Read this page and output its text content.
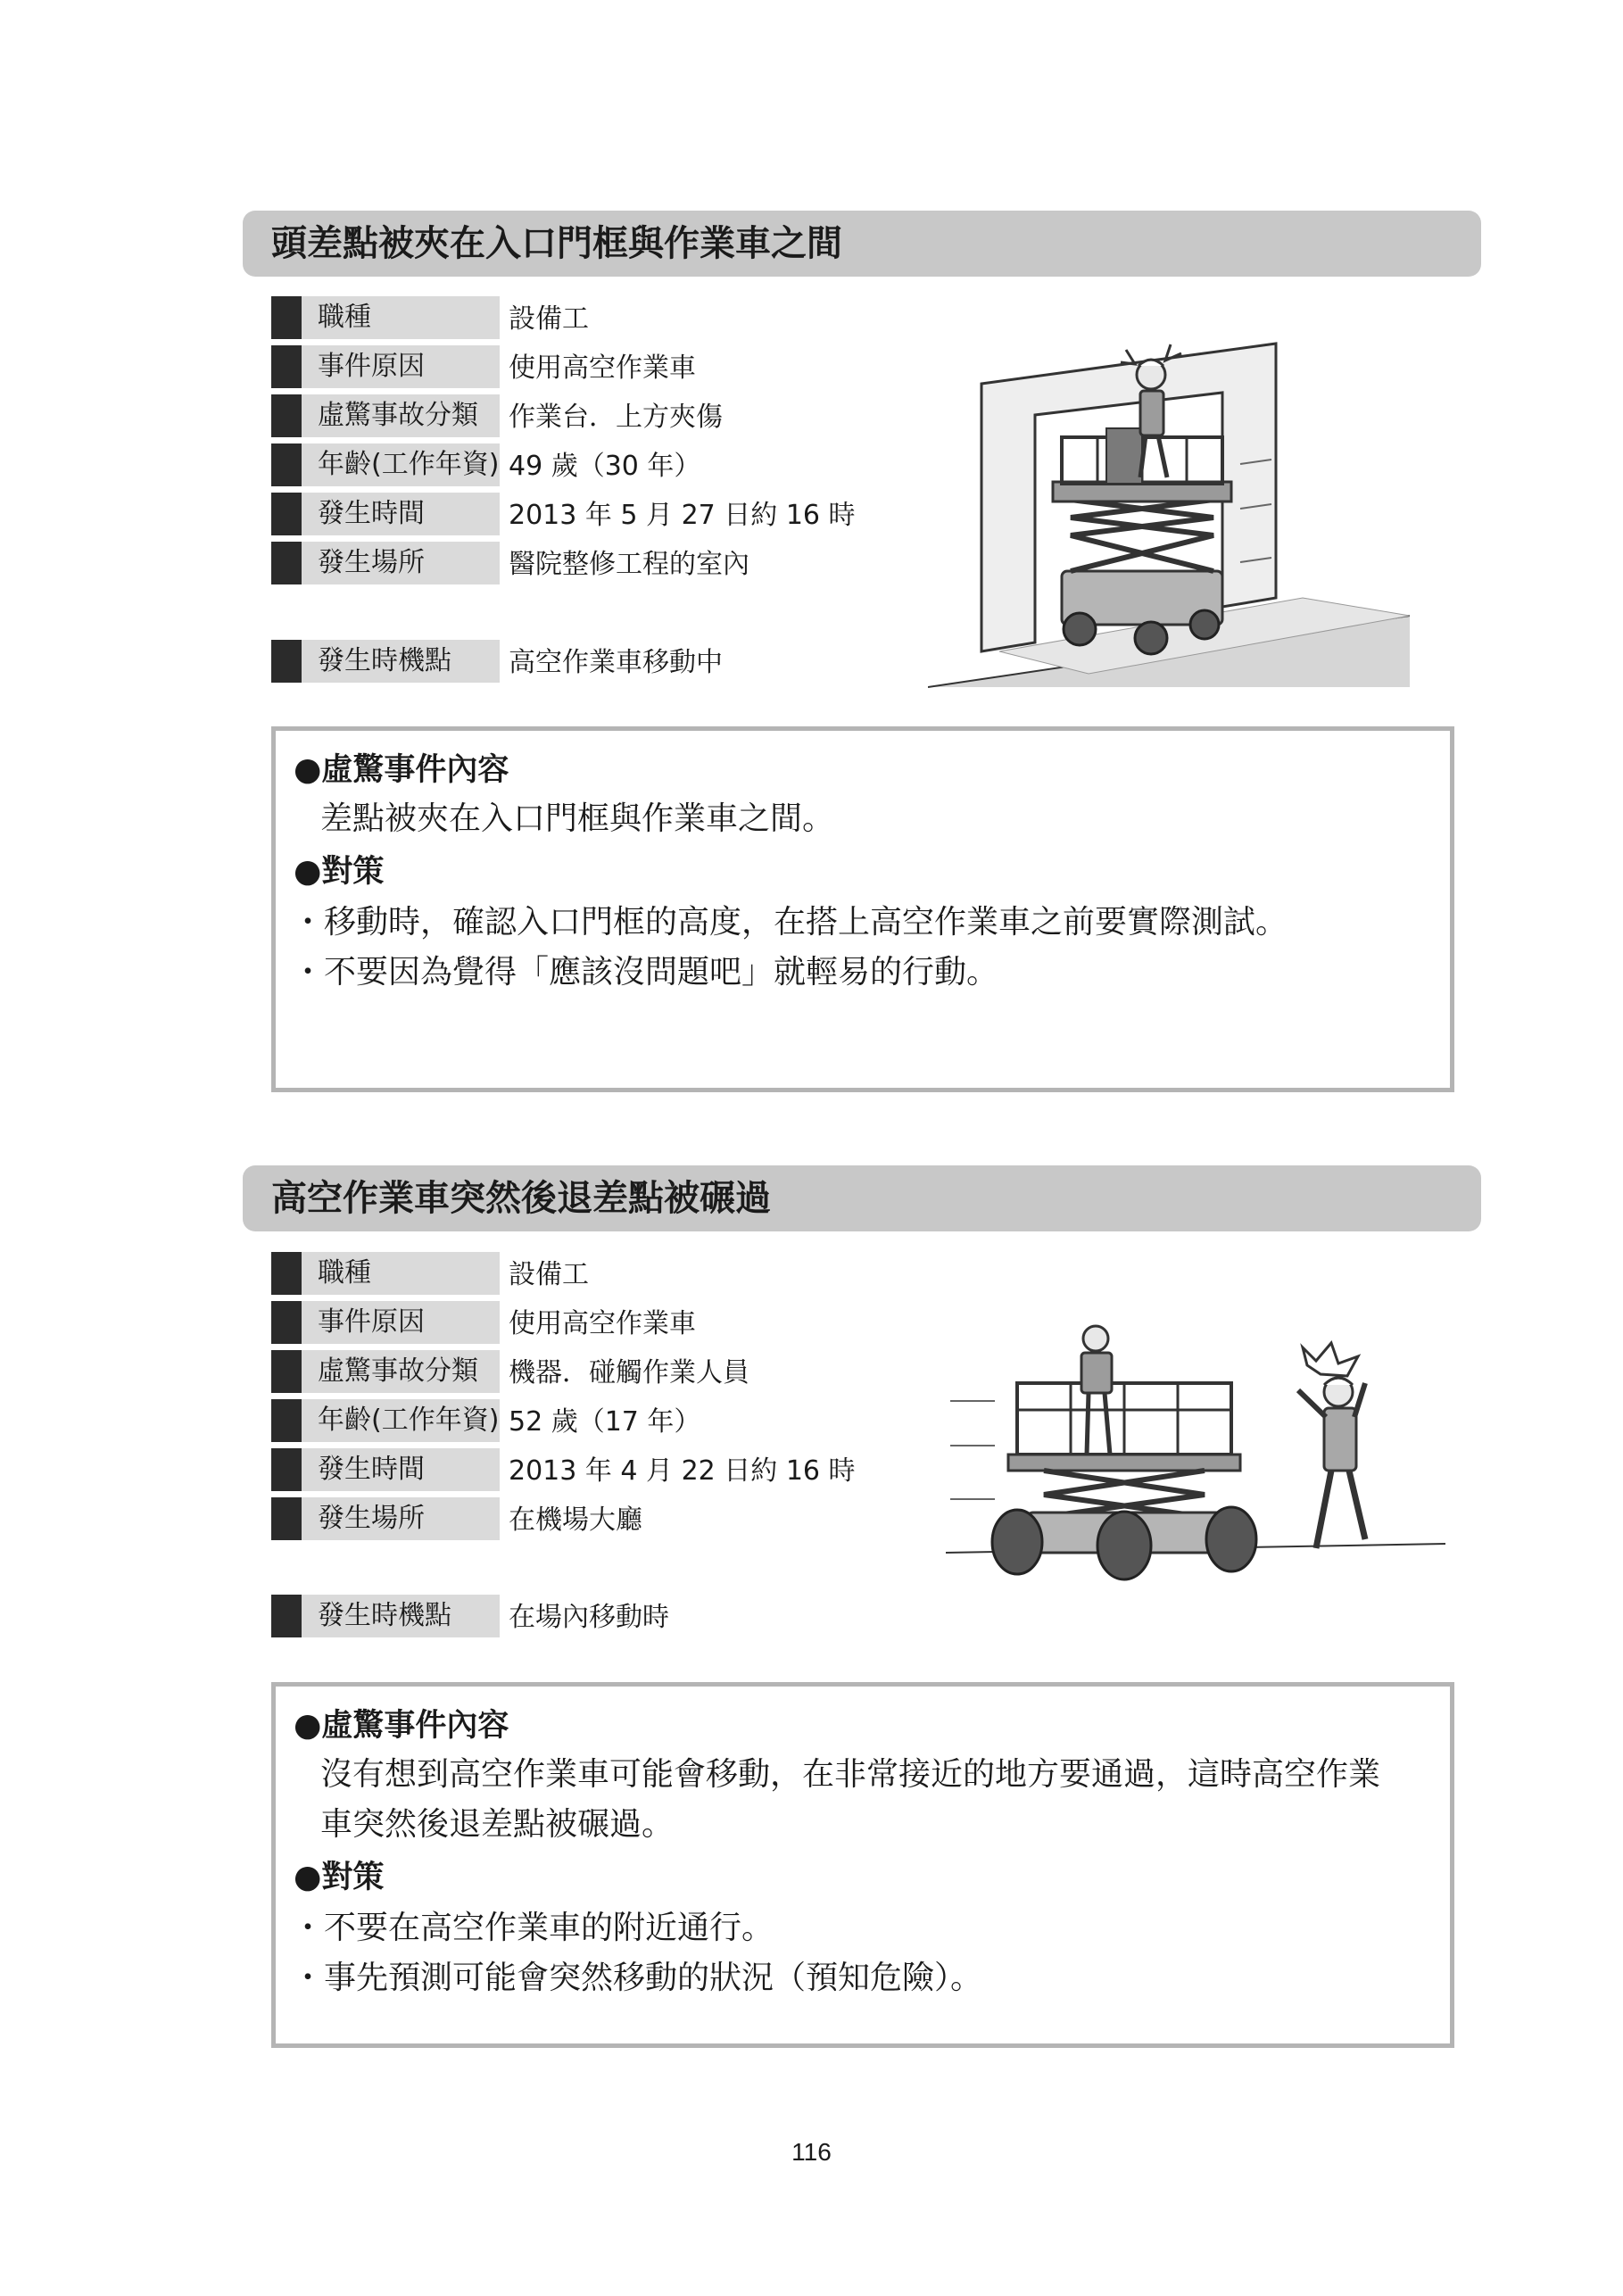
頭差點被夾在入口門框與作業車之間
職種	設備工
事件原因	使用高空作業車
虛驚事故分類	作業台．上方夾傷
年齡(工作年資) 49 歲（30 年）
發生時間	2013 年 5 月 27 日約 16 時
發生場所	醫院整修工程的室內
發生時機點	高空作業車移動中
●虛驚事件內容
差點被夾在入口門框與作業車之間。
●對策
・移動時，確認入口門框的高度，在搭上高空作業車之前要實際測試。
・不要因為覺得「應該沒問題吧」就輕易的行動。
高空作業車突然後退差點被碾過
職種	設備工
事件原因	使用高空作業車
虛驚事故分類	機器．碰觸作業人員
年齡(工作年資) 52 歲（17 年）
發生時間	2013 年 4 月 22 日約 16 時
發生場所	在機場大廳
發生時機點	在場內移動時
●虛驚事件內容
沒有想到高空作業車可能會移動，在非常接近的地方要通過，這時高空作業
車突然後退差點被碾過。
●對策
・不要在高空作業車的附近通行。
・事先預測可能會突然移動的狀況（預知危險）。
116
